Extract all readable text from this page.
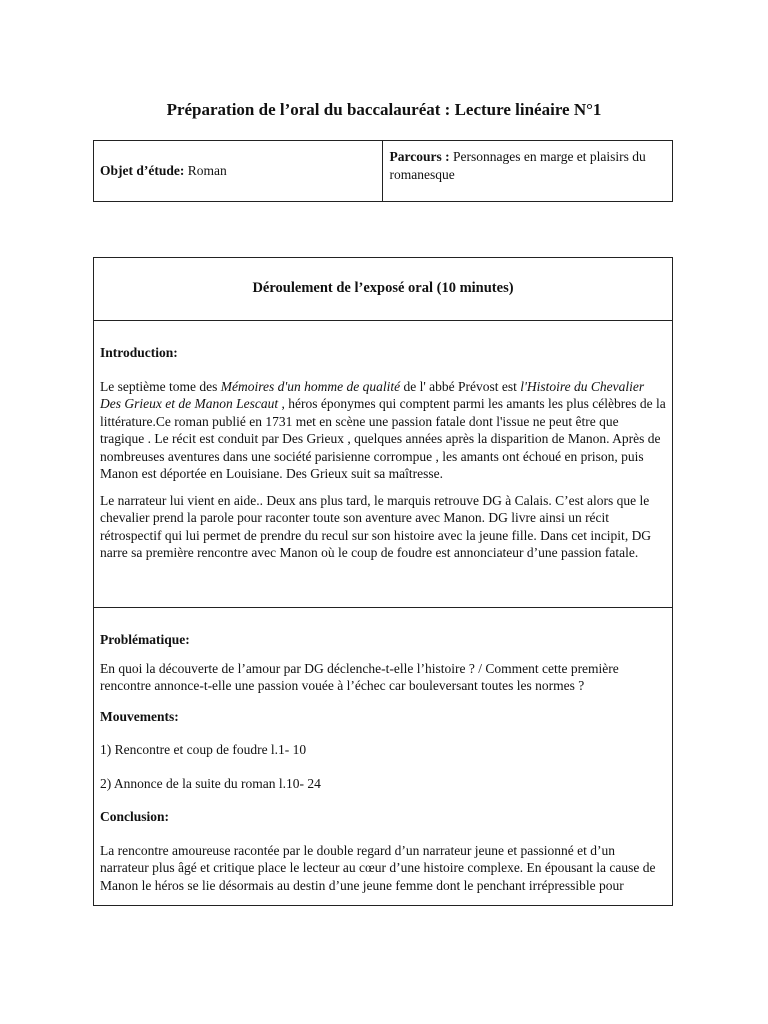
Préparation de l’oral du baccalauréat : Lecture linéaire N°1
Objet d’étude: Roman	Parcours : Personnages en marge et plaisirs du romanesque
Déroulement de l’exposé oral (10 minutes)

Introduction:

Le septième tome des Mémoires d'un homme de qualité de l' abbé Prévost est l'Histoire du Chevalier Des Grieux et de Manon Lescaut , héros éponymes qui comptent parmi les amants les plus célèbres de la littérature.Ce roman publié en 1731 met en scène une passion fatale dont l'issue ne peut être que tragique . Le récit est conduit par Des Grieux , quelques années après la disparition de Manon. Après de nombreuses aventures dans une société parisienne corrompue , les amants ont échoué en prison, puis Manon est déportée en Louisiane. Des Grieux suit sa maîtresse.

Le narrateur lui vient en aide.. Deux ans plus tard, le marquis retrouve DG à Calais. C’est alors que le chevalier prend la parole pour raconter toute son aventure avec Manon. DG livre ainsi un récit rétrospectif qui lui permet de prendre du recul sur son histoire avec la jeune fille. Dans cet incipit, DG narre sa première rencontre avec Manon où le coup de foudre est annonciateur d’une passion fatale.

Problématique:

En quoi la découverte de l’amour par DG déclenche-t-elle l’histoire ? / Comment cette première rencontre annonce-t-elle une passion vouée à l’échec car bouleversant toutes les normes ?

Mouvements:

1) Rencontre et coup de foudre l.1- 10

2) Annonce de la suite du roman l.10- 24

Conclusion:

La rencontre amoureuse racontée par le double regard d’un narrateur jeune et passionné et d’un narrateur plus âgé et critique place le lecteur au cœur d’une histoire complexe. En épousant la cause de Manon le héros se lie désormais au destin d’une jeune femme dont le penchant irrépressible pour
